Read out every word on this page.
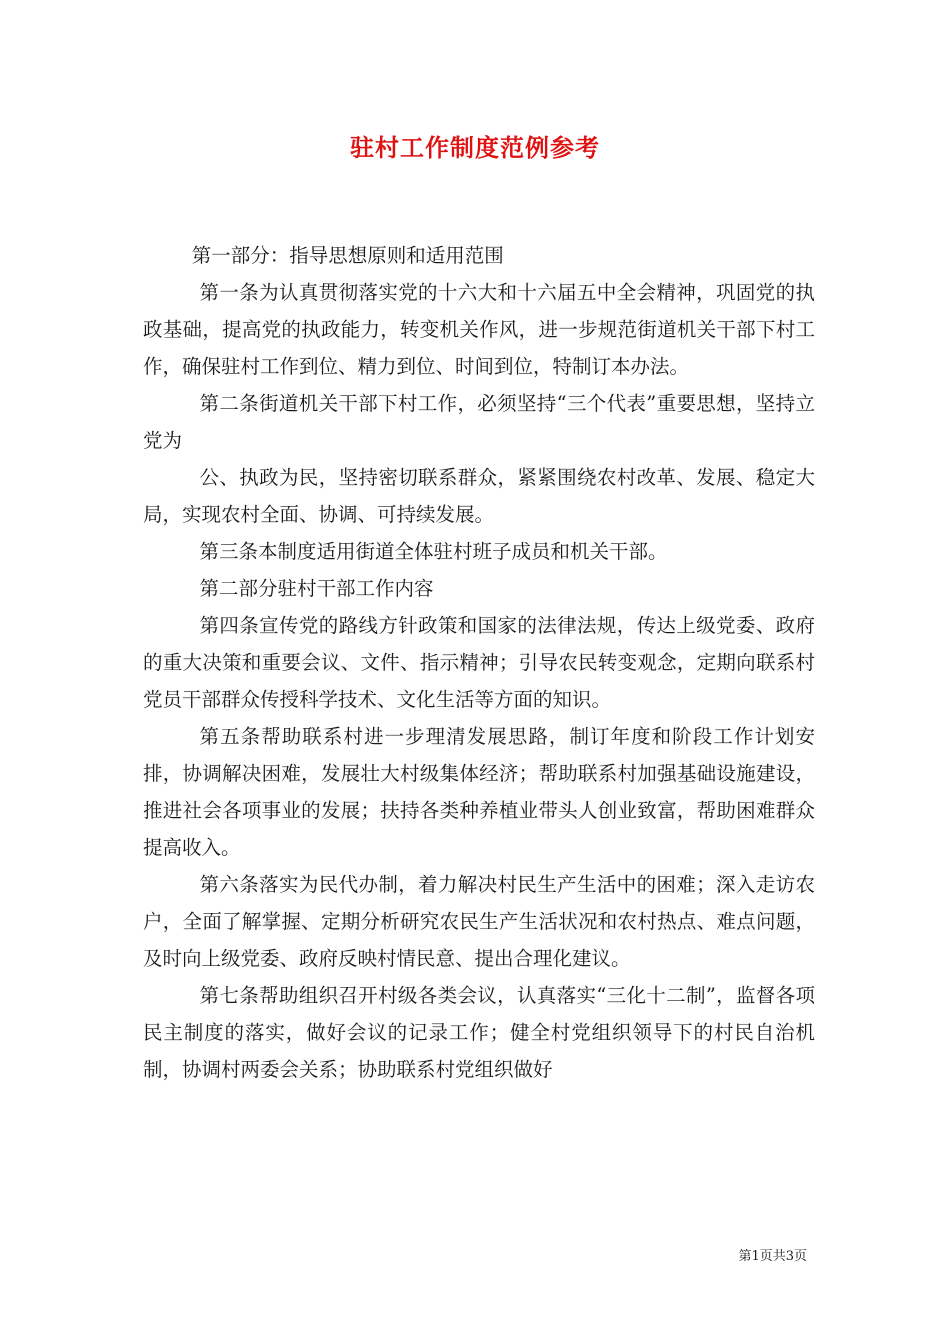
驻村工作制度范例参考

第一部分：指导思想原则和适用范围

第一条为认真贯彻落实党的十六大和十六届五中全会精神，巩固党的执政基础，提高党的执政能力，转变机关作风，进一步规范街道机关干部下村工作，确保驻村工作到位、精力到位、时间到位，特制订本办法。

第二条街道机关干部下村工作，必须坚持“三个代表”重要思想，坚持立党为

公、执政为民，坚持密切联系群众，紧紧围绕农村改革、发展、稳定大局，实现农村全面、协调、可持续发展。

第三条本制度适用街道全体驻村班子成员和机关干部。

第二部分驻村干部工作内容

第四条宣传党的路线方针政策和国家的法律法规，传达上级党委、政府的重大决策和重要会议、文件、指示精神；引导农民转变观念，定期向联系村党员干部群众传授科学技术、文化生活等方面的知识。

第五条帮助联系村进一步理清发展思路，制订年度和阶段工作计划安排，协调解决困难，发展壮大村级集体经济；帮助联系村加强基础设施建设，推进社会各项事业的发展；扶持各类种养植业带头人创业致富，帮助困难群众提高收入。

第六条落实为民代办制，着力解决村民生产生活中的困难；深入走访农户，全面了解掌握、定期分析研究农民生产生活状况和农村热点、难点问题，及时向上级党委、政府反映村情民意、提出合理化建议。

第七条帮助组织召开村级各类会议，认真落实“三化十二制”，监督各项民主制度的落实，做好会议的记录工作；健全村党组织领导下的村民自治机制，协调村两委会关系；协助联系村党组织做好

第1页共3页
